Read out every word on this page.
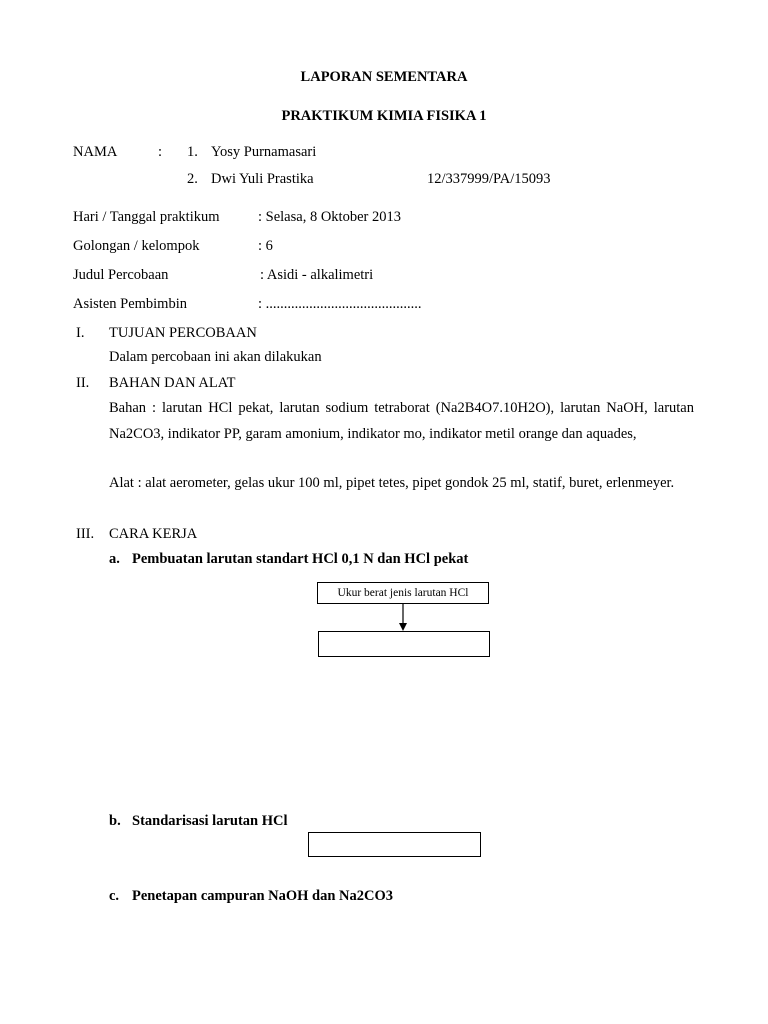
LAPORAN SEMENTARA
PRAKTIKUM KIMIA FISIKA 1
NAMA	: 1. Yosy Purnamasari
2. Dwi Yuli Prastika	12/337999/PA/15093
Hari / Tanggal praktikum	: Selasa, 8 Oktober 2013
Golongan / kelompok	: 6
Judul Percobaan	: Asidi - alkalimetri
Asisten Pembimbin	: ...........................................
I. TUJUAN PERCOBAAN
Dalam percobaan ini akan dilakukan
II. BAHAN DAN ALAT
Bahan : larutan HCl pekat, larutan sodium tetraborat (Na2B4O7.10H2O), larutan NaOH, larutan Na2CO3, indikator PP, garam amonium, indikator mo, indikator metil orange dan aquades,
Alat : alat aerometer, gelas ukur 100 ml, pipet tetes, pipet gondok 25 ml, statif, buret, erlenmeyer.
III. CARA KERJA
a. Pembuatan larutan standart HCl 0,1 N dan HCl pekat
Ukur berat jenis larutan HCl
b. Standarisasi larutan HCl
c. Penetapan campuran NaOH dan Na2CO3
